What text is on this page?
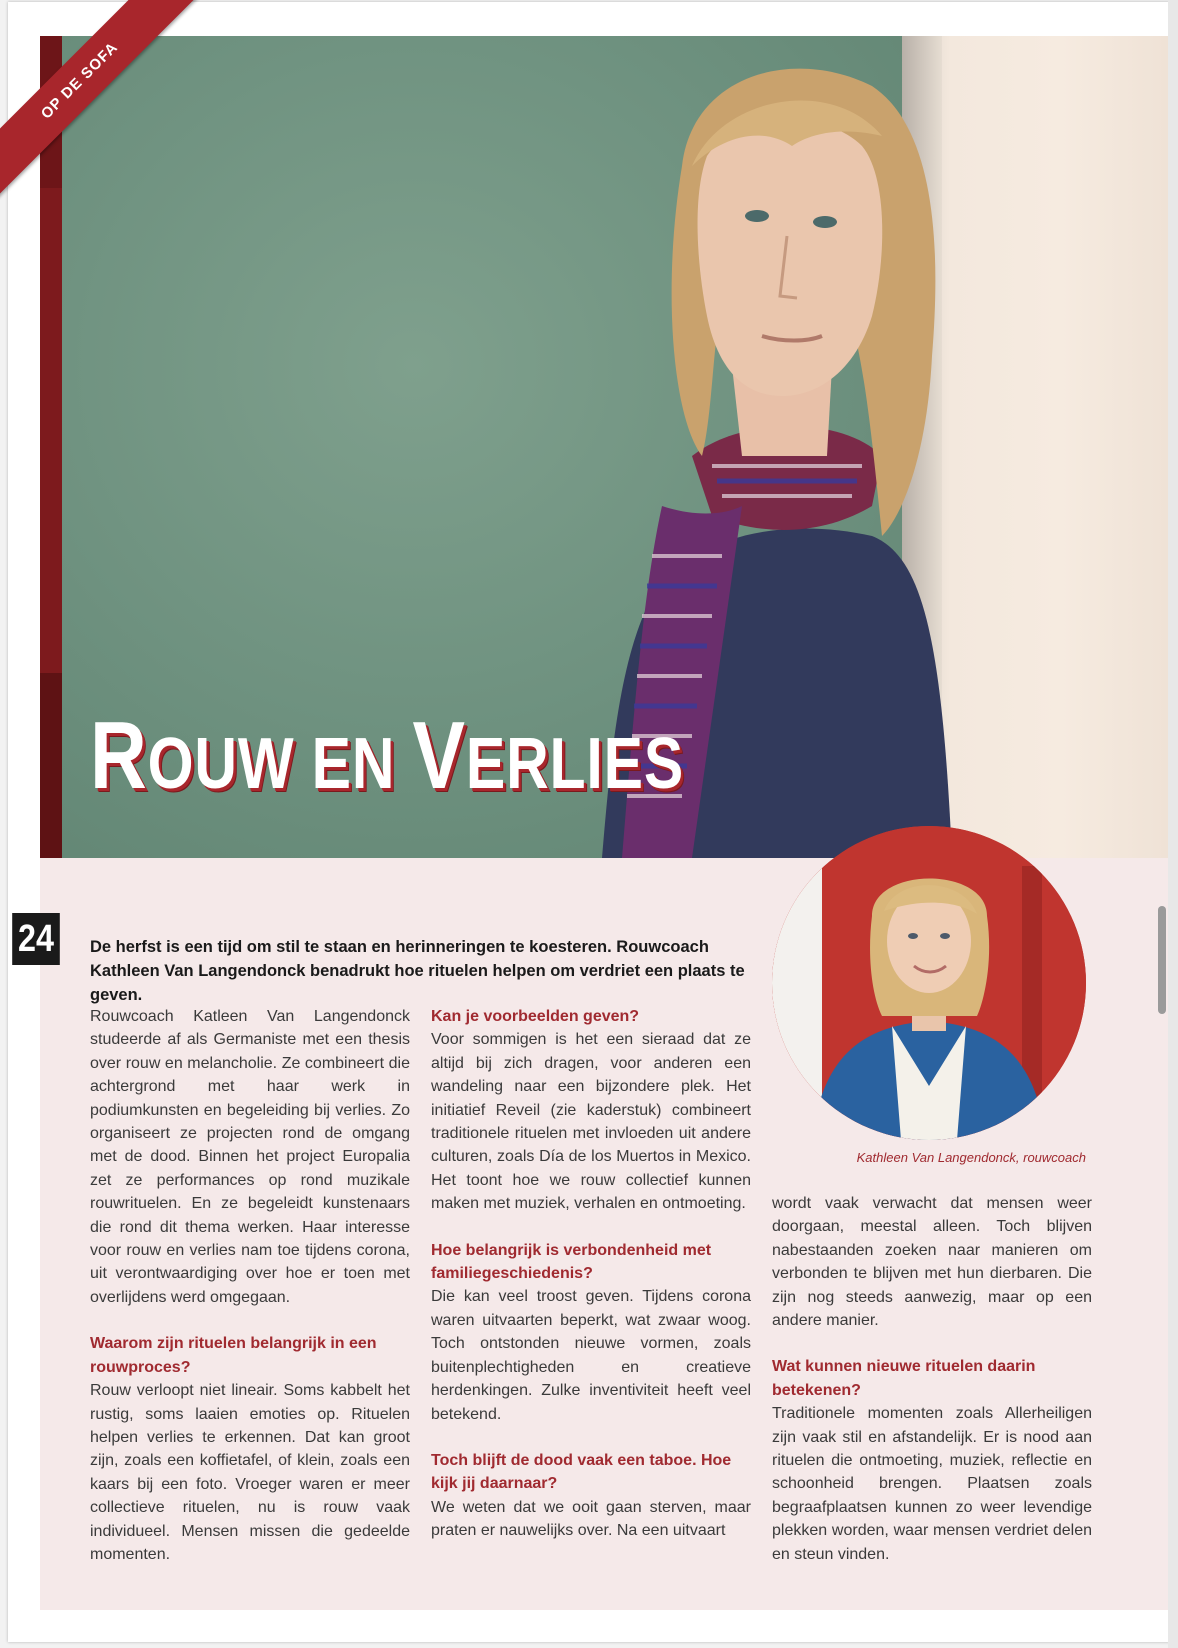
OP DE SOFA
ROUW EN VERLIES
24	De herfst is een tijd om stil te staan en herinneringen te koesteren. Rouwcoach Kathleen Van Langendonck benadrukt hoe rituelen helpen om verdriet een plaats te geven.

Rouwcoach Katleen Van Langendonck studeerde af als Germaniste met een thesis over rouw en melancholie. Ze combineert die achtergrond met haar werk in podiumkunsten en begeleiding bij verlies. Zo organiseert ze projecten rond de omgang met de dood. Binnen het project Europalia zet ze performances op rond muzikale rouwrituelen. En ze begeleidt kunstenaars die rond dit thema werken. Haar interesse voor rouw en verlies nam toe tijdens corona, uit verontwaardiging over hoe er toen met overlijdens werd omgegaan.

Waarom zijn rituelen belangrijk in een rouwproces?

Rouw verloopt niet lineair. Soms kabbelt het rustig, soms laaien emoties op. Rituelen helpen verlies te erkennen. Dat kan groot zijn, zoals een koffietafel, of klein, zoals een kaars bij een foto. Vroeger waren er meer collectieve rituelen, nu is rouw vaak individueel. Mensen missen die gedeelde momenten.

Kan je voorbeelden geven?

Voor sommigen is het een sieraad dat ze altijd bij zich dragen, voor anderen een wandeling naar een bijzondere plek. Het initiatief Reveil (zie kaderstuk) combineert traditionele rituelen met invloeden uit andere culturen, zoals Día de los Muertos in Mexico. Het toont hoe we rouw collectief kunnen maken met muziek, verhalen en ontmoeting.

Hoe belangrijk is verbondenheid met familiegeschiedenis?

Die kan veel troost geven. Tijdens corona waren uitvaarten beperkt, wat zwaar woog. Toch ontstonden nieuwe vormen, zoals buitenplechtigheden en creatieve herdenkingen. Zulke inventiviteit heeft veel betekend.

Toch blijft de dood vaak een taboe. Hoe kijk jij daarnaar?

We weten dat we ooit gaan sterven, maar praten er nauwelijks over. Na een uitvaart

Kathleen Van Langendonck, rouwcoach

wordt vaak verwacht dat mensen weer doorgaan, meestal alleen. Toch blijven nabestaanden zoeken naar manieren om verbonden te blijven met hun dierbaren. Die zijn nog steeds aanwezig, maar op een andere manier.

Wat kunnen nieuwe rituelen daarin betekenen?

Traditionele momenten zoals Allerheiligen zijn vaak stil en afstandelijk. Er is nood aan rituelen die ontmoeting, muziek, reflectie en schoonheid brengen. Plaatsen zoals begraafplaatsen kunnen zo weer levendige plekken worden, waar mensen verdriet delen en steun vinden.
